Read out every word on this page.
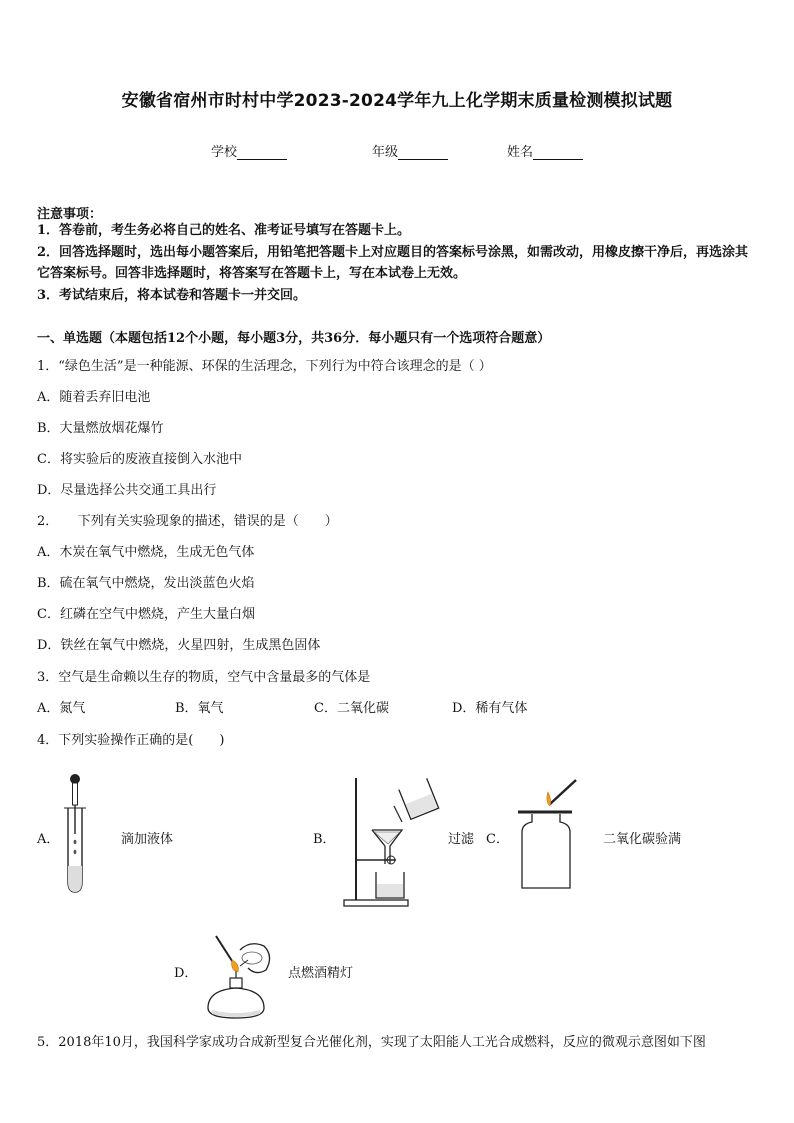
安徽省宿州市时村中学2023-2024学年九上化学期末质量检测模拟试题
学校	年级	姓名
注意事项：
1．答卷前，考生务必将自己的姓名、准考证号填写在答题卡上。
2．回答选择题时，选出每小题答案后，用铅笔把答题卡上对应题目的答案标号涂黑，如需改动，用橡皮擦干净后，再选涂其它答案标号。回答非选择题时，将答案写在答题卡上，写在本试卷上无效。
3．考试结束后，将本试卷和答题卡一并交回。
一、单选题（本题包括12个小题，每小题3分，共36分．每小题只有一个选项符合题意）
1．“绿色生活”是一种能源、环保的生活理念，下列行为中符合该理念的是（ ）
A．随着丢弃旧电池
B．大量燃放烟花爆竹
C．将实验后的废液直接倒入水池中
D．尽量选择公共交通工具出行
2．　　下列有关实验现象的描述，错误的是（　　）
A．木炭在氧气中燃烧，生成无色气体
B．硫在氧气中燃烧，发出淡蓝色火焰
C．红磷在空气中燃烧，产生大量白烟
D．铁丝在氧气中燃烧，火星四射，生成黑色固体
3．空气是生命赖以生存的物质，空气中含量最多的气体是
A．氮气	B．氧气	C．二氧化碳	D．稀有气体
4．下列实验操作正确的是(　　)
A．	滴加液体	B．	过滤 C．	二氧化碳验满
D．	点燃酒精灯
5．2018年10月，我国科学家成功合成新型复合光催化剂，实现了太阳能人工光合成燃料，反应的微观示意图如下图
